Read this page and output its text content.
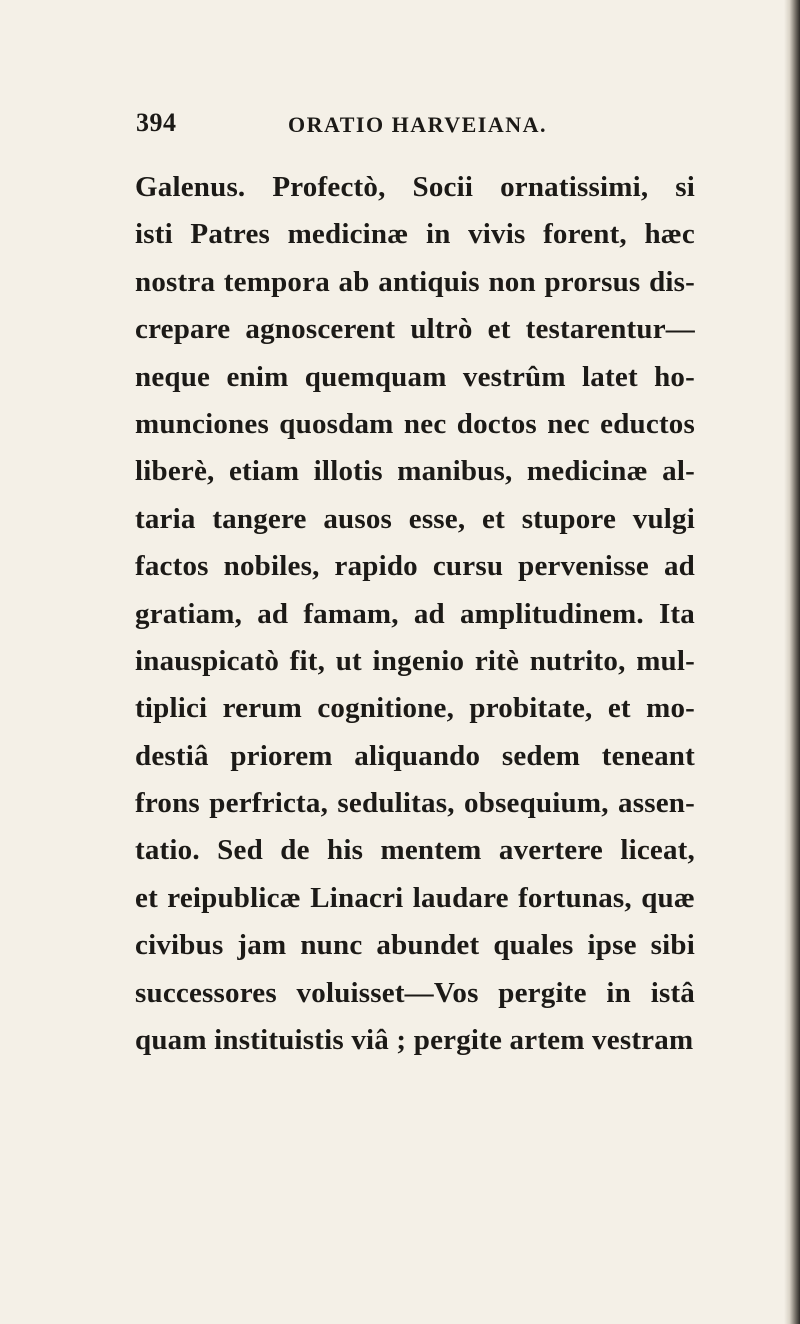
394	ORATIO HARVEIANA.
Galenus. Profectò, Socii ornatissimi, si
isti Patres medicinæ in vivis forent, hæc
nostra tempora ab antiquis non prorsus dis-
crepare agnoscerent ultrò et testarentur—
neque enim quemquam vestrûm latet ho-
munciones quosdam nec doctos nec eductos
liberè, etiam illotis manibus, medicinæ al-
taria tangere ausos esse, et stupore vulgi
factos nobiles, rapido cursu pervenisse ad
gratiam, ad famam, ad amplitudinem. Ita
inauspicatò fit, ut ingenio ritè nutrito, mul-
tiplici rerum cognitione, probitate, et mo-
destiâ priorem aliquando sedem teneant
frons perfricta, sedulitas, obsequium, assen-
tatio. Sed de his mentem avertere liceat,
et reipublicæ Linacri laudare fortunas, quæ
civibus jam nunc abundet quales ipse sibi
successores voluisset—Vos pergite in istâ
quam instituistis viâ ; pergite artem vestram
